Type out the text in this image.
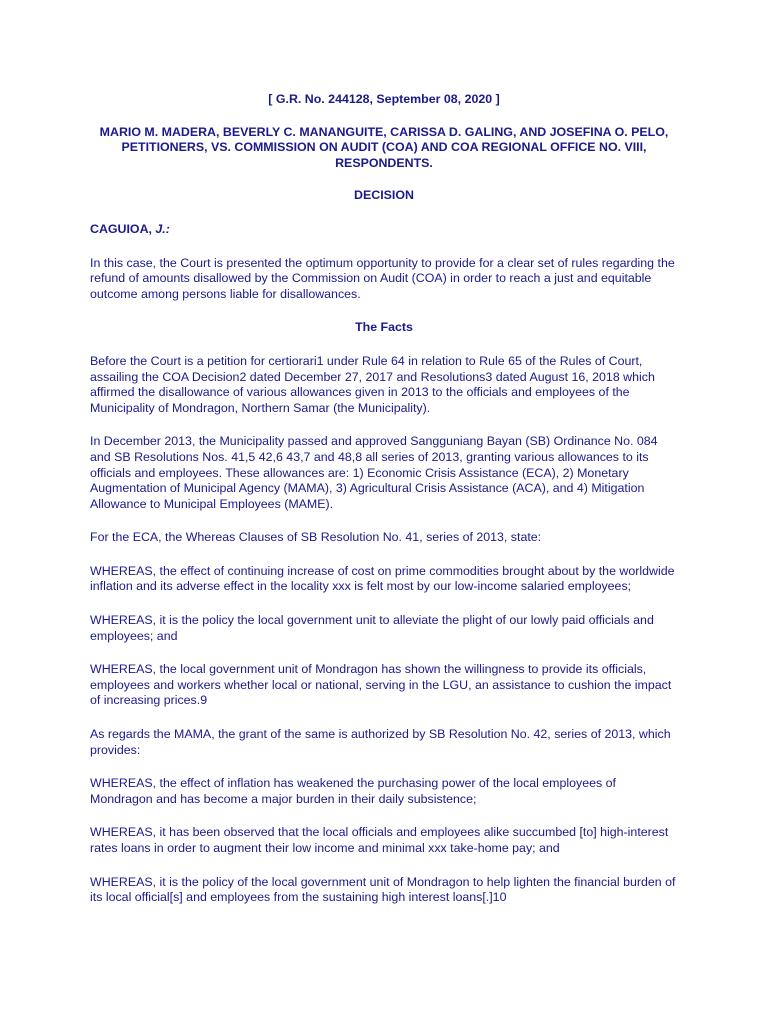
[ G.R. No. 244128, September 08, 2020 ]
MARIO M. MADERA, BEVERLY C. MANANGUITE, CARISSA D. GALING, AND JOSEFINA O. PELO, PETITIONERS, VS. COMMISSION ON AUDIT (COA) AND COA REGIONAL OFFICE NO. VIII, RESPONDENTS.
DECISION
CAGUIOA, J.:

In this case, the Court is presented the optimum opportunity to provide for a clear set of rules regarding the refund of amounts disallowed by the Commission on Audit (COA) in order to reach a just and equitable outcome among persons liable for disallowances.

The Facts

Before the Court is a petition for certiorari1 under Rule 64 in relation to Rule 65 of the Rules of Court, assailing the COA Decision2 dated December 27, 2017 and Resolutions3 dated August 16, 2018 which affirmed the disallowance of various allowances given in 2013 to the officials and employees of the Municipality of Mondragon, Northern Samar (the Municipality).

In December 2013, the Municipality passed and approved Sangguniang Bayan (SB) Ordinance No. 084 and SB Resolutions Nos. 41,5 42,6 43,7 and 48,8 all series of 2013, granting various allowances to its officials and employees. These allowances are: 1) Economic Crisis Assistance (ECA), 2) Monetary Augmentation of Municipal Agency (MAMA), 3) Agricultural Crisis Assistance (ACA), and 4) Mitigation Allowance to Municipal Employees (MAME).

For the ECA, the Whereas Clauses of SB Resolution No. 41, series of 2013, state:

WHEREAS, the effect of continuing increase of cost on prime commodities brought about by the worldwide inflation and its adverse effect in the locality xxx is felt most by our low-income salaried employees;

WHEREAS, it is the policy the local government unit to alleviate the plight of our lowly paid officials and employees; and

WHEREAS, the local government unit of Mondragon has shown the willingness to provide its officials, employees and workers whether local or national, serving in the LGU, an assistance to cushion the impact of increasing prices.9

As regards the MAMA, the grant of the same is authorized by SB Resolution No. 42, series of 2013, which provides:

WHEREAS, the effect of inflation has weakened the purchasing power of the local employees of Mondragon and has become a major burden in their daily subsistence;

WHEREAS, it has been observed that the local officials and employees alike succumbed [to] high-interest rates loans in order to augment their low income and minimal xxx take-home pay; and

WHEREAS, it is the policy of the local government unit of Mondragon to help lighten the financial burden of its local official[s] and employees from the sustaining high interest loans[.]10
